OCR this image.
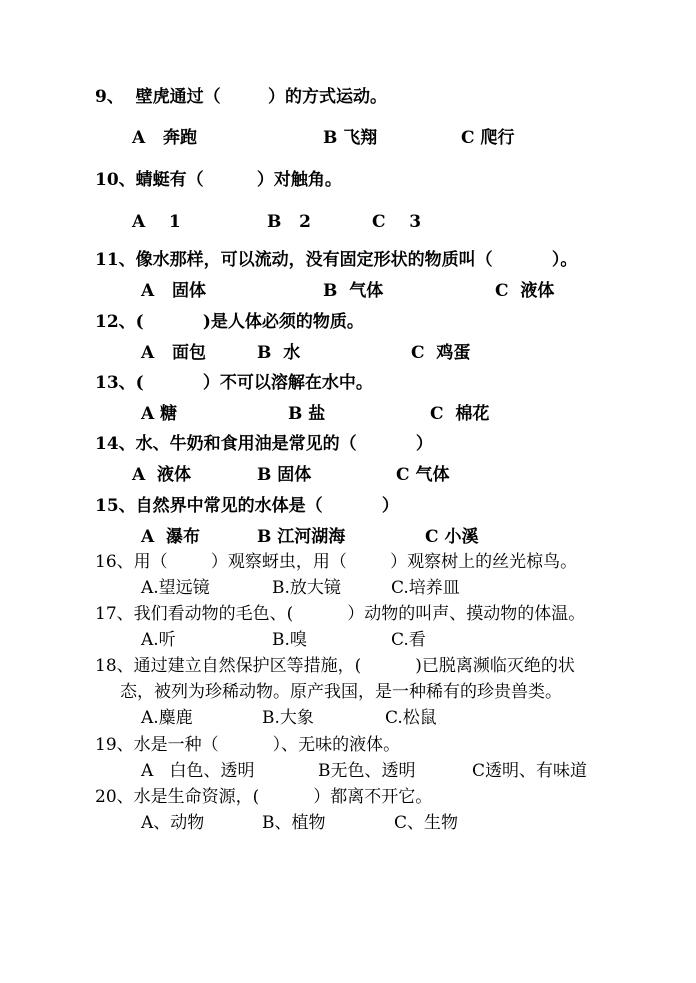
9、  壁虎通过（        ）的方式运动。
A   奔跑	B 飞翔	C 爬行
10、蜻蜓有（         ）对触角。
A    1	B   2	C    3
11、像水那样，可以流动，没有固定形状的物质叫（          ）。
A   固体	B  气体	C  液体
12、(          )是人体必须的物质。
A   面包	B  水	C  鸡蛋
13、(          ）不可以溶解在水中。
A 糖	B 盐	C  棉花
14、水、牛奶和食用油是常见的（          ）
A  液体	B 固体	C 气体
15、自然界中常见的水体是（          ）
A  瀑布	B 江河湖海	C 小溪
16、用（        ）观察蚜虫，用（        ）观察树上的丝光椋鸟。
A.望远镜	B.放大镜	C.培养皿
17、我们看动物的毛色、(          ）动物的叫声、摸动物的体温。
A.听	B.嗅	C.看
18、通过建立自然保护区等措施，(          )已脱离濒临灭绝的状
态，被列为珍稀动物。原产我国，是一种稀有的珍贵兽类。
A.麋鹿	B.大象	C.松鼠
19、水是一种（          ）、无味的液体。
A   白色、透明	B无色、透明	C透明、有味道
20、水是生命资源，(          ）都离不开它。
A、动物	B、植物	C、生物
